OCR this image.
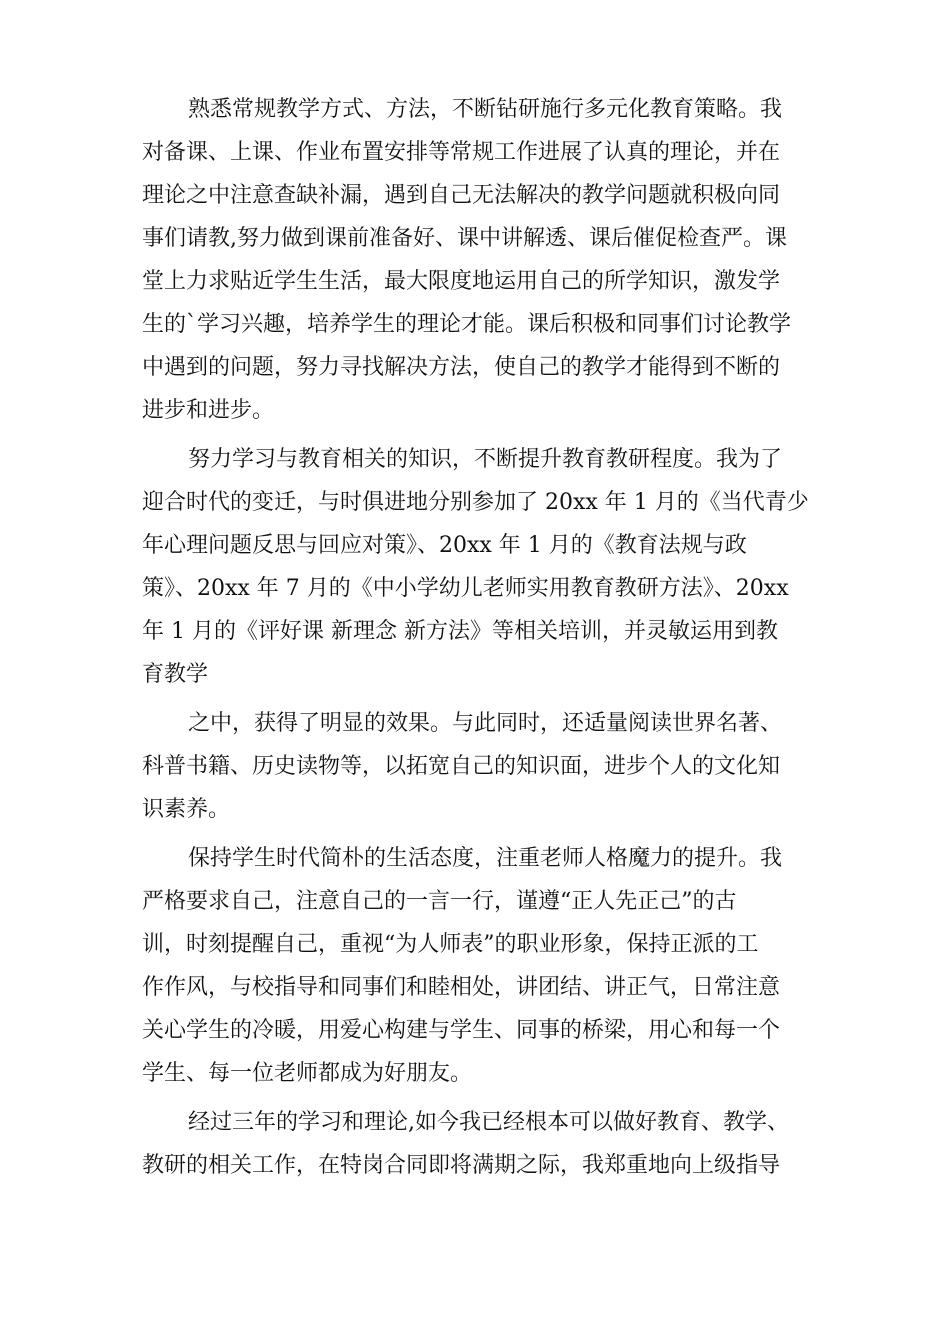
熟悉常规教学方式、方法，不断钻研施行多元化教育策略。我
对备课、上课、作业布置安排等常规工作进展了认真的理论，并在
理论之中注意查缺补漏，遇到自己无法解决的教学问题就积极向同
事们请教,努力做到课前准备好、课中讲解透、课后催促检查严。课
堂上力求贴近学生生活，最大限度地运用自己的所学知识，激发学
生的`学习兴趣，培养学生的理论才能。课后积极和同事们讨论教学
中遇到的问题，努力寻找解决方法，使自己的教学才能得到不断的
进步和进步。
努力学习与教育相关的知识，不断提升教育教研程度。我为了
迎合时代的变迁，与时俱进地分别参加了 20xx 年 1 月的《当代青少
年心理问题反思与回应对策》、20xx 年 1 月的《教育法规与政
策》、20xx 年 7 月的《中小学幼儿老师实用教育教研方法》、20xx
年 1 月的《评好课 新理念 新方法》等相关培训，并灵敏运用到教
育教学
之中，获得了明显的效果。与此同时，还适量阅读世界名著、
科普书籍、历史读物等，以拓宽自己的知识面，进步个人的文化知
识素养。
保持学生时代简朴的生活态度，注重老师人格魔力的提升。我
严格要求自己，注意自己的一言一行，谨遵“正人先正己”的古
训，时刻提醒自己，重视“为人师表”的职业形象，保持正派的工
作作风，与校指导和同事们和睦相处，讲团结、讲正气，日常注意
关心学生的冷暖，用爱心构建与学生、同事的桥梁，用心和每一个
学生、每一位老师都成为好朋友。
经过三年的学习和理论,如今我已经根本可以做好教育、教学、
教研的相关工作，在特岗合同即将满期之际，我郑重地向上级指导
